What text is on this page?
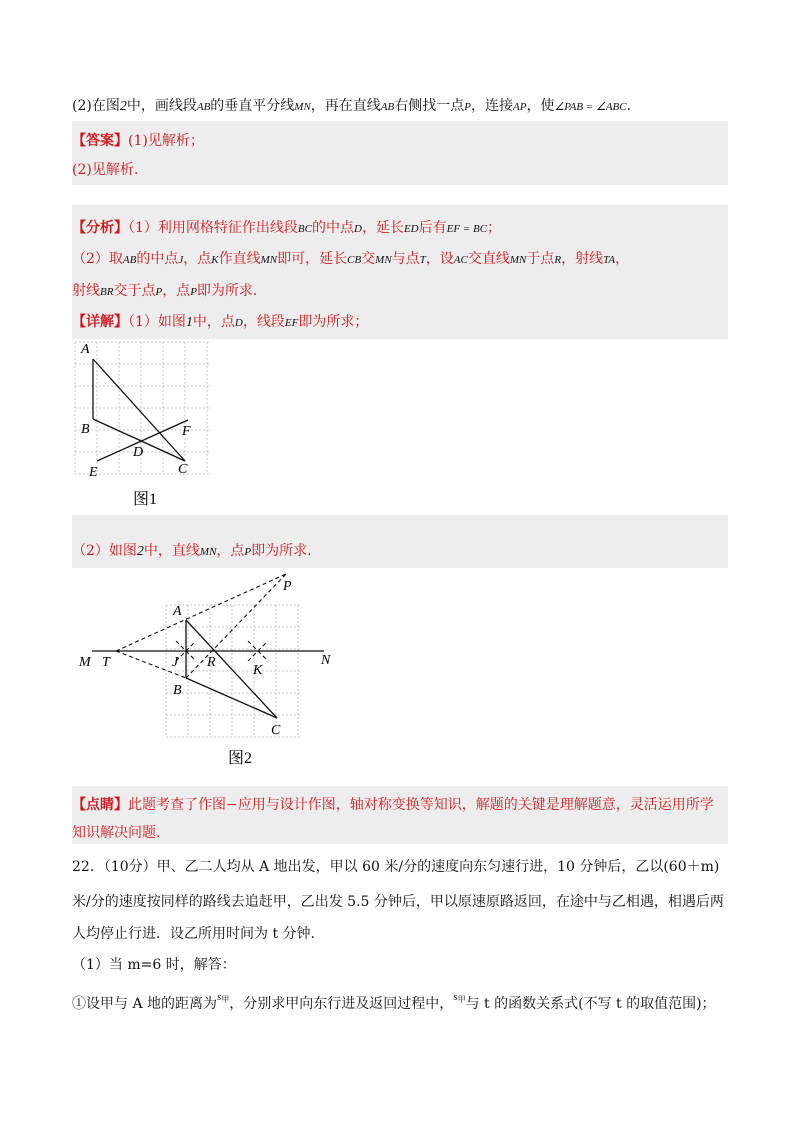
(2)在图2中，画线段AB的垂直平分线MN，再在直线AB右侧找一点P，连接AP，使∠PAB = ∠ABC.
【答案】(1)见解析；
(2)见解析.
【分析】（1）利用网格特征作出线段BC的中点D，延长ED后有EF = BC；
（2）取AB的中点J，点K作直线MN即可，延长CB交MN与点T，设AC交直线MN于点R，射线TA，
射线BR交于点P，点P即为所求.
【详解】（1）如图1中，点D，线段EF即为所求；
A
B
C
D
E
F
图1
（2）如图2中，直线MN，点P即为所求.
P
A
M T	J R
K
N
B
C
图2
【点睛】此题考查了作图−应用与设计作图，轴对称变换等知识，解题的关键是理解题意，灵活运用所学
知识解决问题.
22．（10分）甲、乙二人均从 A 地出发，甲以 60 米/分的速度向东匀速行进，10 分钟后，乙以(60＋m)
米/分的速度按同样的路线去追赶甲，乙出发 5.5 分钟后，甲以原速原路返回，在途中与乙相遇，相遇后两
人均停止行进．设乙所用时间为 t 分钟．
（1）当 m=6 时，解答：
①设甲与 A 地的距离为$^{s甲}$，分别求甲向东行进及返回过程中，$^{s甲}$与 t 的函数关系式(不写 t 的取值范围)；
